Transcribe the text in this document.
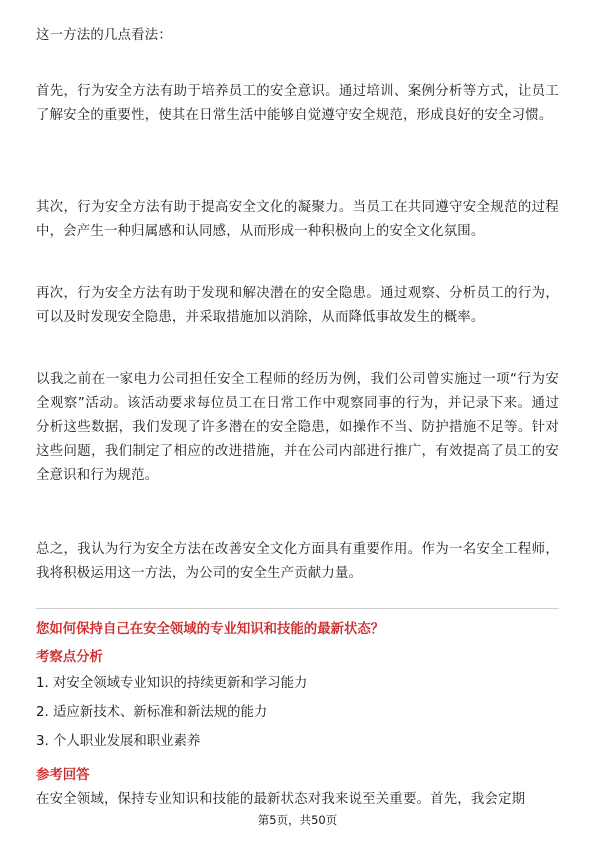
这一方法的几点看法：

首先，行为安全方法有助于培养员工的安全意识。通过培训、案例分析等方式，让员工了解安全的重要性，使其在日常生活中能够自觉遵守安全规范，形成良好的安全习惯。

其次，行为安全方法有助于提高安全文化的凝聚力。当员工在共同遵守安全规范的过程中，会产生一种归属感和认同感，从而形成一种积极向上的安全文化氛围。

再次，行为安全方法有助于发现和解决潜在的安全隐患。通过观察、分析员工的行为，可以及时发现安全隐患，并采取措施加以消除，从而降低事故发生的概率。

以我之前在一家电力公司担任安全工程师的经历为例，我们公司曾实施过一项“行为安全观察”活动。该活动要求每位员工在日常工作中观察同事的行为，并记录下来。通过分析这些数据，我们发现了许多潜在的安全隐患，如操作不当、防护措施不足等。针对这些问题，我们制定了相应的改进措施，并在公司内部进行推广，有效提高了员工的安全意识和行为规范。

总之，我认为行为安全方法在改善安全文化方面具有重要作用。作为一名安全工程师，我将积极运用这一方法，为公司的安全生产贡献力量。

您如何保持自己在安全领域的专业知识和技能的最新状态？

考察点分析

1. 对安全领域专业知识的持续更新和学习能力

2. 适应新技术、新标准和新法规的能力

3. 个人职业发展和职业素养

参考回答

在安全领域，保持专业知识和技能的最新状态对我来说至关重要。首先，我会定期

第5页，共50页
